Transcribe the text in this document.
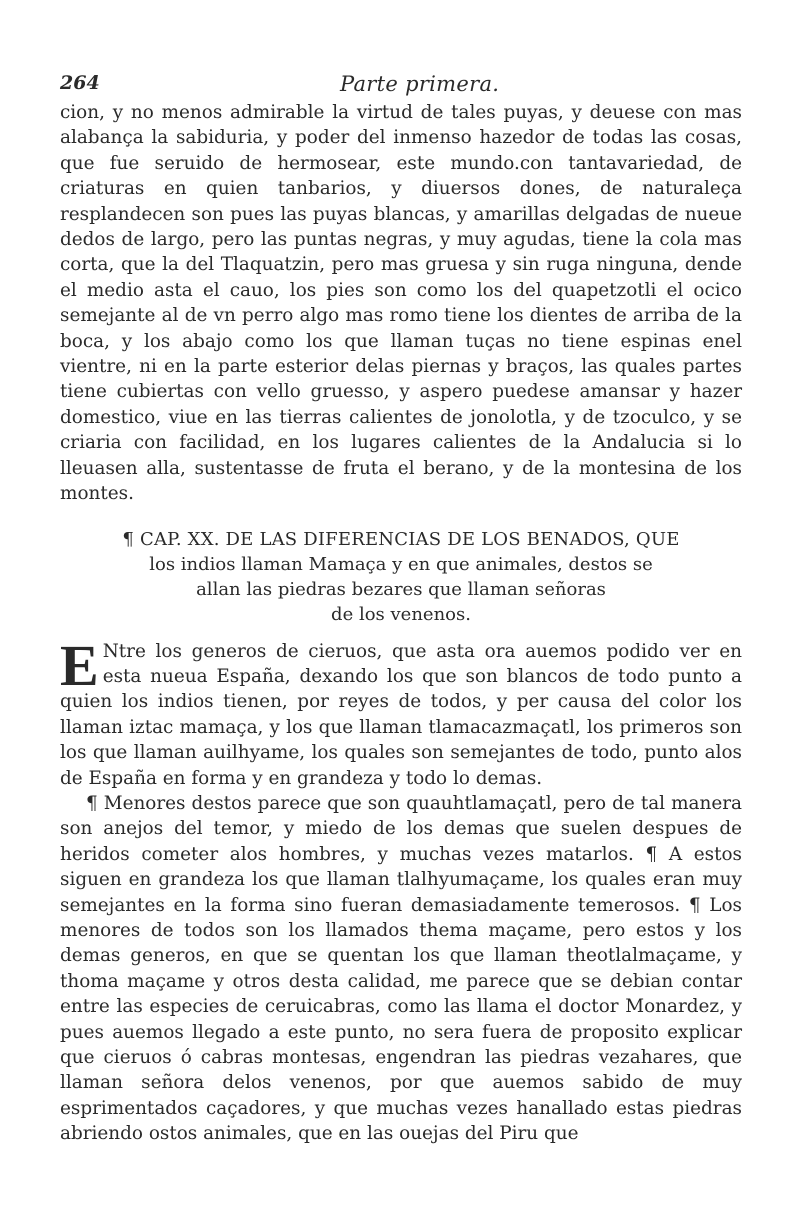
264	Parte primera.

cion, y no menos admirable la virtud de tales puyas, y deuese con mas alabança la sabiduria, y poder del inmenso hazedor de todas las cosas, que fue seruido de hermosear, este mundo.con tantavariedad, de criaturas en quien tanbarios, y diuersos dones, de naturaleça resplandecen son pues las puyas blancas, y amarillas delgadas de nueue dedos de largo, pero las puntas negras, y muy agudas, tiene la cola mas corta, que la del Tlaquatzin, pero mas gruesa y sin ruga ninguna, dende el medio asta el cauo, los pies son como los del quapetzotli el ocico semejante al de vn perro algo mas romo tiene los dientes de arriba de la boca, y los abajo como los que llaman tuças no tiene espinas enel vientre, ni en la parte esterior delas piernas y braços, las quales partes tiene cubiertas con vello gruesso, y aspero puedese amansar y hazer domestico, viue en las tierras calientes de jonolotla, y de tzoculco, y se criaria con facilidad, en los lugares calientes de la Andalucia si lo lleuasen alla, sustentasse de fruta el berano, y de la montesina de los montes.

¶ CAP. XX. DE LAS DIFERENCIAS DE LOS BENADOS, QUE
los indios llaman Mamaça y en que animales, destos se
allan las piedras bezares que llaman señoras
de los venenos.
E Ntre los generos de cieruos, que asta ora auemos podido ver en esta nueua España, dexando los que son blancos de todo punto a quien los indios tienen, por reyes de todos, y per causa del color los llaman iztac mamaça, y los que llaman tlamacazmaçatl, los primeros son los que llaman auilhyame, los quales son semejantes de todo, punto alos de España en forma y en grandeza y todo lo demas.

¶ Menores destos parece que son quauhtlamaçatl, pero de tal manera son anejos del temor, y miedo de los demas que suelen despues de heridos cometer alos hombres, y muchas vezes matarlos. ¶ A estos siguen en grandeza los que llaman tlalhyumaçame, los quales eran muy semejantes en la forma sino fueran demasiadamente temerosos. ¶ Los menores de todos son los llamados thema maçame, pero estos y los demas generos, en que se quentan los que llaman theotlalmaçame, y thoma maçame y otros desta calidad, me parece que se debian contar entre las especies de ceruicabras, como las llama el doctor Monardez, y pues auemos llegado a este punto, no sera fuera de proposito explicar que cieruos ó cabras montesas, engendran las piedras vezahares, que llaman señora delos venenos, por que auemos sabido de muy esprimentados caçadores, y que muchas vezes hanallado estas piedras abriendo ostos animales, que en las ouejas del Piru que
